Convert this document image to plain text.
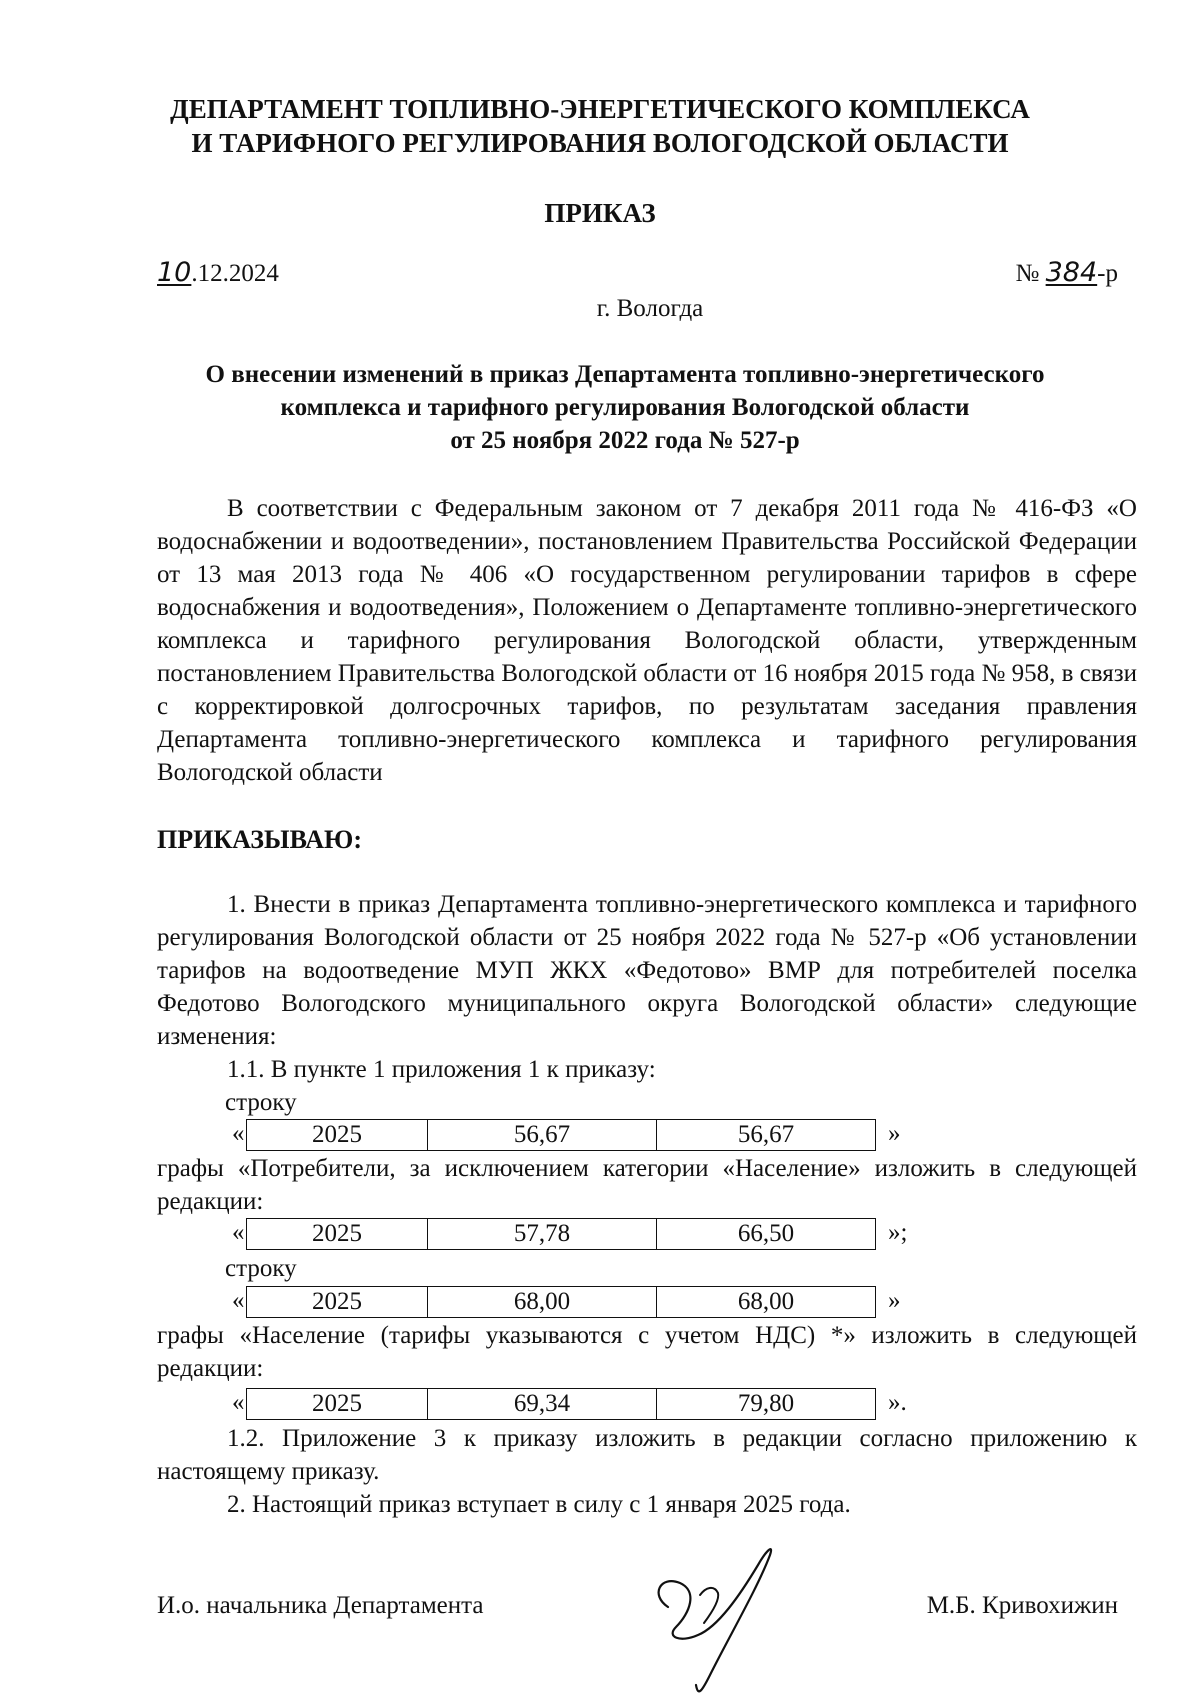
ДЕПАРТАМЕНТ ТОПЛИВНО-ЭНЕРГЕТИЧЕСКОГО КОМПЛЕКСА
И ТАРИФНОГО РЕГУЛИРОВАНИЯ ВОЛОГОДСКОЙ ОБЛАСТИ
ПРИКАЗ
10.12.2024	№ 384-р
г. Вологда
О внесении изменений в приказ Департамента топливно-энергетического
комплекса и тарифного регулирования Вологодской области
от 25 ноября 2022 года № 527-р
В соответствии с Федеральным законом от 7 декабря 2011 года № 416-ФЗ «О водоснабжении и водоотведении», постановлением Правительства Российской Федерации от 13 мая 2013 года № 406 «О государственном регулировании тарифов в сфере водоснабжения и водоотведения», Положением о Департаменте топливно-энергетического комплекса и тарифного регулирования Вологодской области, утвержденным постановлением Правительства Вологодской области от 16 ноября 2015 года № 958, в связи с корректировкой долгосрочных тарифов, по результатам заседания правления Департамента топливно-энергетического комплекса и тарифного регулирования Вологодской области
ПРИКАЗЫВАЮ:
1. Внести в приказ Департамента топливно-энергетического комплекса и тарифного регулирования Вологодской области от 25 ноября 2022 года № 527-р «Об установлении тарифов на водоотведение МУП ЖКХ «Федотово» ВМР для потребителей поселка Федотово Вологодского муниципального округа Вологодской области» следующие изменения:
1.1. В пункте 1 приложения 1 к приказу:
строку
«	2025	56,67	56,67	»
графы «Потребители, за исключением категории «Население» изложить в следующей редакции:
«	2025	57,78	66,50	»;
строку
«	2025	68,00	68,00	»
графы «Население (тарифы указываются с учетом НДС) *» изложить в следующей редакции:
«	2025	69,34	79,80	».
1.2. Приложение 3 к приказу изложить в редакции согласно приложению к настоящему приказу.
2. Настоящий приказ вступает в силу с 1 января 2025 года.
И.о. начальника Департамента	М.Б. Кривохижин
